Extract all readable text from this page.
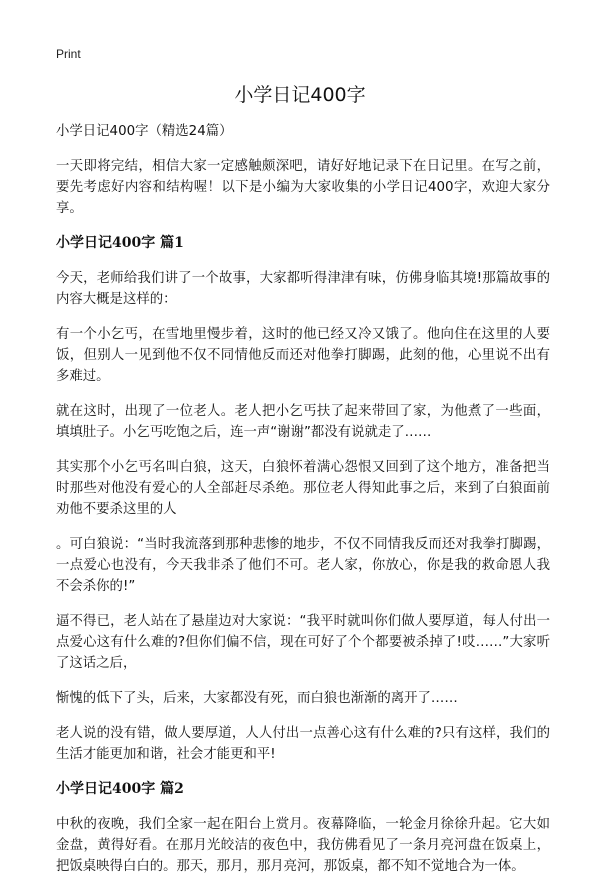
Print
小学日记400字

小学日记400字（精选24篇）

一天即将完结，相信大家一定感触颇深吧，请好好地记录下在日记里。在写之前，要先考虑好内容和结构喔！以下是小编为大家收集的小学日记400字，欢迎大家分享。

小学日记400字 篇1

今天，老师给我们讲了一个故事，大家都听得津津有味，仿佛身临其境!那篇故事的内容大概是这样的：

有一个小乞丐，在雪地里慢步着，这时的他已经又冷又饿了。他向住在这里的人要饭，但别人一见到他不仅不同情他反而还对他拳打脚踢，此刻的他，心里说不出有多难过。

就在这时，出现了一位老人。老人把小乞丐扶了起来带回了家，为他煮了一些面，填填肚子。小乞丐吃饱之后，连一声“谢谢”都没有说就走了……

其实那个小乞丐名叫白狼，这天，白狼怀着满心怨恨又回到了这个地方，准备把当时那些对他没有爱心的人全部赶尽杀绝。那位老人得知此事之后，来到了白狼面前劝他不要杀这里的人

。可白狼说：“当时我流落到那种悲惨的地步，不仅不同情我反而还对我拳打脚踢，一点爱心也没有，今天我非杀了他们不可。老人家，你放心，你是我的救命恩人我不会杀你的!”

逼不得已，老人站在了悬崖边对大家说：“我平时就叫你们做人要厚道，每人付出一点爱心这有什么难的?但你们偏不信，现在可好了个个都要被杀掉了!哎……”大家听了这话之后，

惭愧的低下了头，后来，大家都没有死，而白狼也渐渐的离开了……

老人说的没有错，做人要厚道，人人付出一点善心这有什么难的?只有这样，我们的生活才能更加和谐，社会才能更和平!

小学日记400字 篇2

中秋的夜晚，我们全家一起在阳台上赏月。夜幕降临，一轮金月徐徐升起。它大如金盘，黄得好看。在那月光皎洁的夜色中，我仿佛看见了一条月亮河盘在饭桌上，把饭桌映得白白的。那天，那月，那月亮河，那饭桌，都不知不觉地合为一体。
